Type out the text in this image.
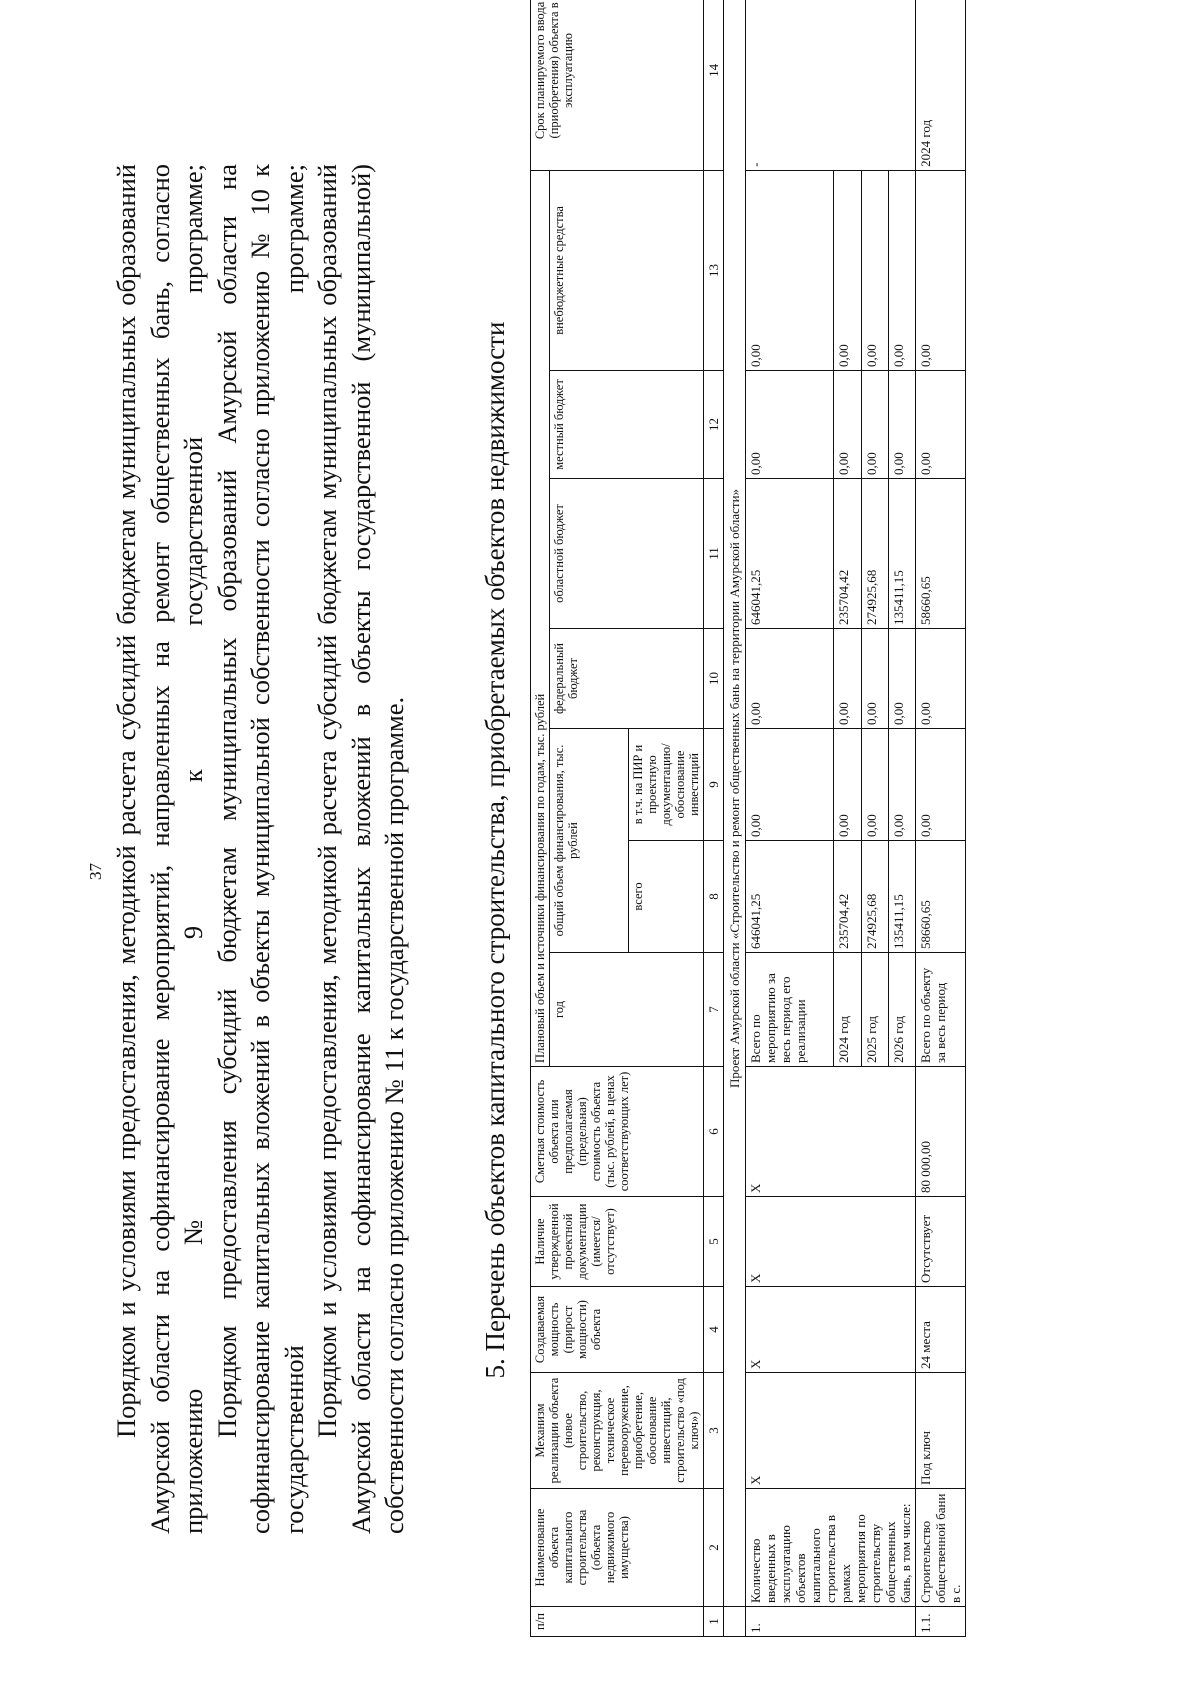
37 Порядком и условиями предоставления, методикой расчета субсидий бюджетам муниципальных образований Амурской области на софинансирование мероприятий, направленных на ремонт общественных бань, согласно приложению № 9 к государственной программе; Порядком предоставления субсидий бюджетам муниципальных образований Амурской области на софинансирование капитальных вложений в объекты муниципальной собственности согласно приложению № 10 к государственной программе; Порядком и условиями предоставления, методикой расчета субсидий бюджетам муниципальных образований Амурской области на софинансирование капитальных вложений в объекты государственной (муниципальной) собственности согласно приложению № 11 к государственной программе.	5. Перечень объектов капитального строительства, приобретаемых объектов недвижимости
п/п	Наименование объекта капитального строительства (объекта недвижимого имущества)	Механизм реализации объекта (новое строительство, реконструкция, техническое перевооружение, приобретение, обоснование инвестиций, строительство «под ключ»)	Создаваемая мощность (прирост мощности) объекта	Наличие утвержденной проектной документации (имеется/ отсутствует)	Сметная стоимость объекта или предполагаемая (предельная) стоимость объекта (тыс. рублей, в ценах соответствующих лет)	Плановый объем и источники финансирования по годам, тыс. рублей							Срок планируемого ввода (приобретения) объекта в эксплуатацию
						год	общий объем финансирования, тыс. рублей		федеральный бюджет	областной бюджет	местный бюджет	внебюджетные средства	
							всего	в т.ч. на ПИР и проектную документацию/ обоснование инвестиций					
1	2	3	4	5	6	7	8	9	10	11	12	13	14
	Проект Амурской области «Строительство и ремонт общественных бань на территории Амурской области»												
1.	Количество введенных в эксплуатацию объектов капитального строительства в рамках мероприятия по строительству общественных бань, в том числе:	X	X	X	X	Всего по мероприятию за весь период его реализации	646041,25	0,00	0,00	646041,25	0,00	0,00	-
						2024 год	235704,42	0,00	0,00	235704,42	0,00	0,00	
						2025 год	274925,68	0,00	0,00	274925,68	0,00	0,00	
						2026 год	135411,15	0,00	0,00	135411,15	0,00	0,00	
1.1.	Строительство общественной бани в с.	Под ключ	24 места	Отсутствует	80 000,00	Всего по объекту за весь период	58660,65	0,00	0,00	58660,65	0,00	0,00	2024 год
